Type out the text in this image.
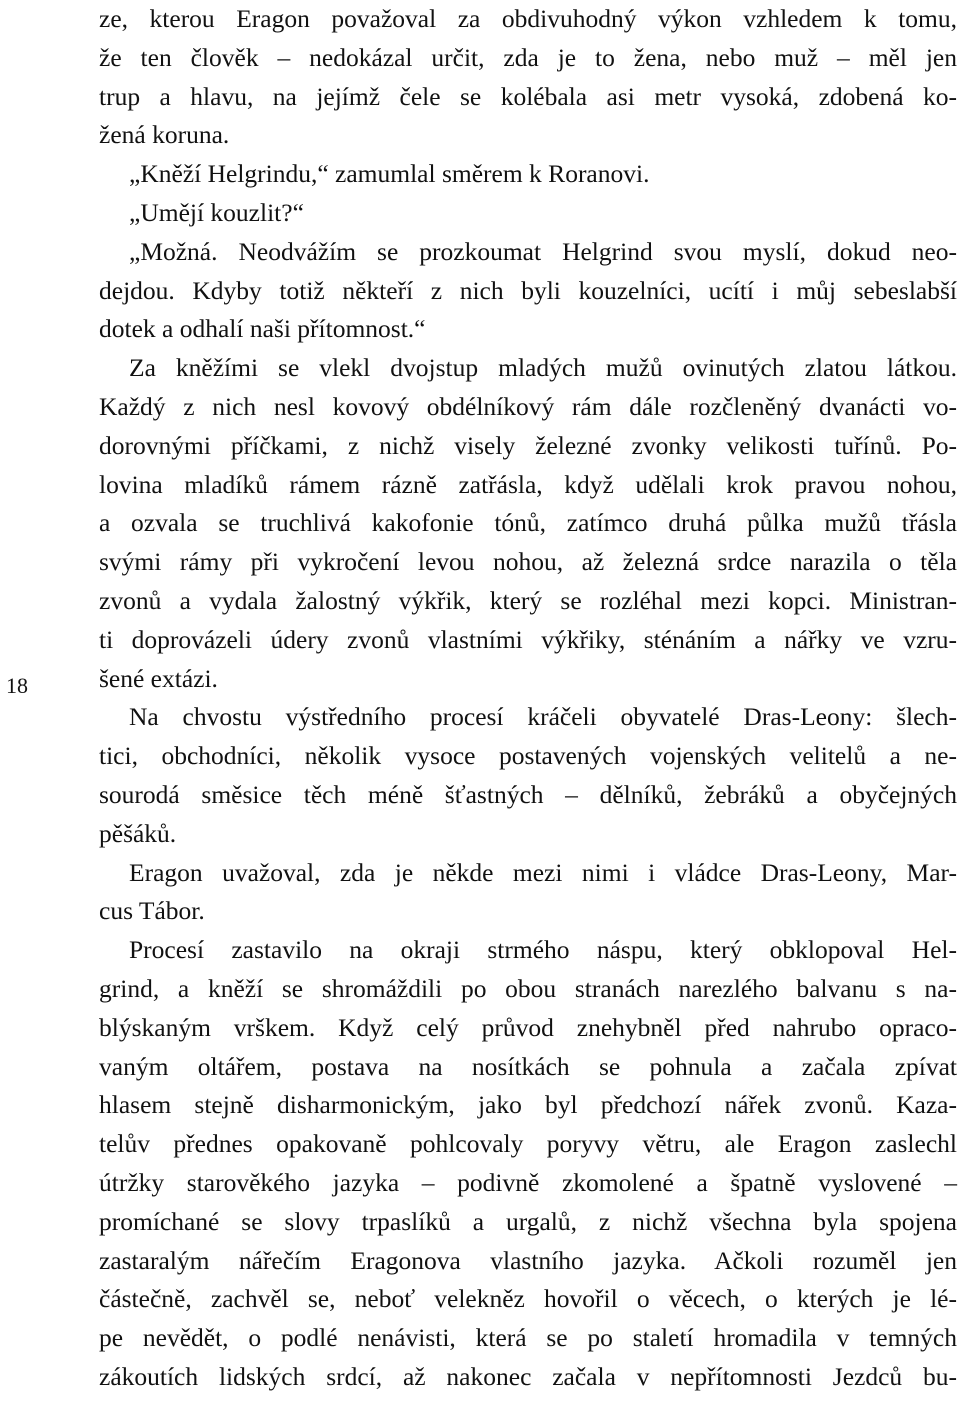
18
ze, kterou Eragon považoval za obdivuhodný výkon vzhledem k tomu,
že ten člověk – nedokázal určit, zda je to žena, nebo muž – měl jen
trup a hlavu, na jejímž čele se kolébala asi metr vysoká, zdobená ko-
žená koruna.
„Kněží Helgrindu,“ zamumlal směrem k Roranovi.
„Umějí kouzlit?“
„Možná. Neodvážím se prozkoumat Helgrind svou myslí, dokud neo-
dejdou. Kdyby totiž někteří z nich byli kouzelníci, ucítí i můj sebeslabší
dotek a odhalí naši přítomnost.“
Za kněžími se vlekl dvojstup mladých mužů ovinutých zlatou látkou.
Každý z nich nesl kovový obdélníkový rám dále rozčleněný dvanácti vo-
dorovnými příčkami, z nichž visely železné zvonky velikosti tuřínů. Po-
lovina mladíků rámem rázně zatřásla, když udělali krok pravou nohou,
a ozvala se truchlivá kakofonie tónů, zatímco druhá půlka mužů třásla
svými rámy při vykročení levou nohou, až železná srdce narazila o těla
zvonů a vydala žalostný výkřik, který se rozléhal mezi kopci. Ministran-
ti doprovázeli údery zvonů vlastními výkřiky, sténáním a nářky ve vzru-
šené extázi.
Na chvostu výstředního procesí kráčeli obyvatelé Dras-Leony: šlech-
tici, obchodníci, několik vysoce postavených vojenských velitelů a ne-
sourodá směsice těch méně šťastných – dělníků, žebráků a obyčejných
pěšáků.
Eragon uvažoval, zda je někde mezi nimi i vládce Dras-Leony, Mar-
cus Tábor.
Procesí zastavilo na okraji strmého náspu, který obklopoval Hel-
grind, a kněží se shromáždili po obou stranách narezlého balvanu s na-
blýskaným vrškem. Když celý průvod znehybněl před nahrubo opraco-
vaným oltářem, postava na nosítkách se pohnula a začala zpívat
hlasem stejně disharmonickým, jako byl předchozí nářek zvonů. Kaza-
telův přednes opakovaně pohlcovaly poryvy větru, ale Eragon zaslechl
útržky starověkého jazyka – podivně zkomolené a špatně vyslovené –
promíchané se slovy trpaslíků a urgalů, z nichž všechna byla spojena
zastaralým nářečím Eragonova vlastního jazyka. Ačkoli rozuměl jen
částečně, zachvěl se, neboť velekněz hovořil o věcech, o kterých je lé-
pe nevědět, o podlé nenávisti, která se po staletí hromadila v temných
zákoutích lidských srdcí, až nakonec začala v nepřítomnosti Jezdců bu-
